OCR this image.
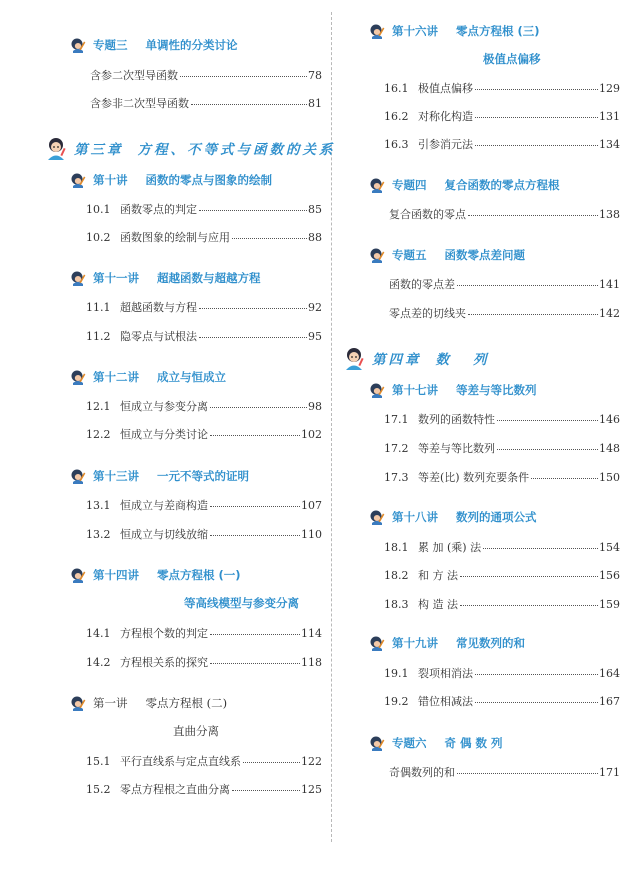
专题三 单调性的分类讨论
含参二次型导函数	78
含参非二次型导函数	81
第三章 方程、不等式与函数的关系
第十讲 函数的零点与图象的绘制
10.1 函数零点的判定	85
10.2 函数图象的绘制与应用	88
第十一讲 超越函数与超越方程
11.1 超越函数与方程	92
11.2 隐零点与试根法	95
第十二讲 成立与恒成立
12.1 恒成立与参变分离	98
12.2 恒成立与分类讨论	102
第十三讲 一元不等式的证明
13.1 恒成立与差商构造	107
13.2 恒成立与切线放缩	110
第十四讲 零点方程根 (一)
等高线模型与参变分离
14.1 方程根个数的判定	114
14.2 方程根关系的探究	118
第一讲 零点方程根 (二)
直曲分离
15.1 平行直线系与定点直线系	122
15.2 零点方程根之直曲分离	125
第十六讲 零点方程根 (三)
极值点偏移
16.1 极值点偏移	129
16.2 对称化构造	131
16.3 引参消元法	134
专题四 复合函数的零点方程根
复合函数的零点	138
专题五 函数零点差问题
函数的零点差	141
零点差的切线夹	142
第四章 数列
第十七讲 等差与等比数列
17.1 数列的函数特性	146
17.2 等差与等比数列	148
17.3 等差(比) 数列充要条件	150
第十八讲 数列的通项公式
18.1 累 加 (乘) 法	154
18.2 和 方 法	156
18.3 构 造 法	159
第十九讲 常见数列的和
19.1 裂项相消法	164
19.2 错位相减法	167
专题六 奇 偶 数 列
奇偶数列的和	171
